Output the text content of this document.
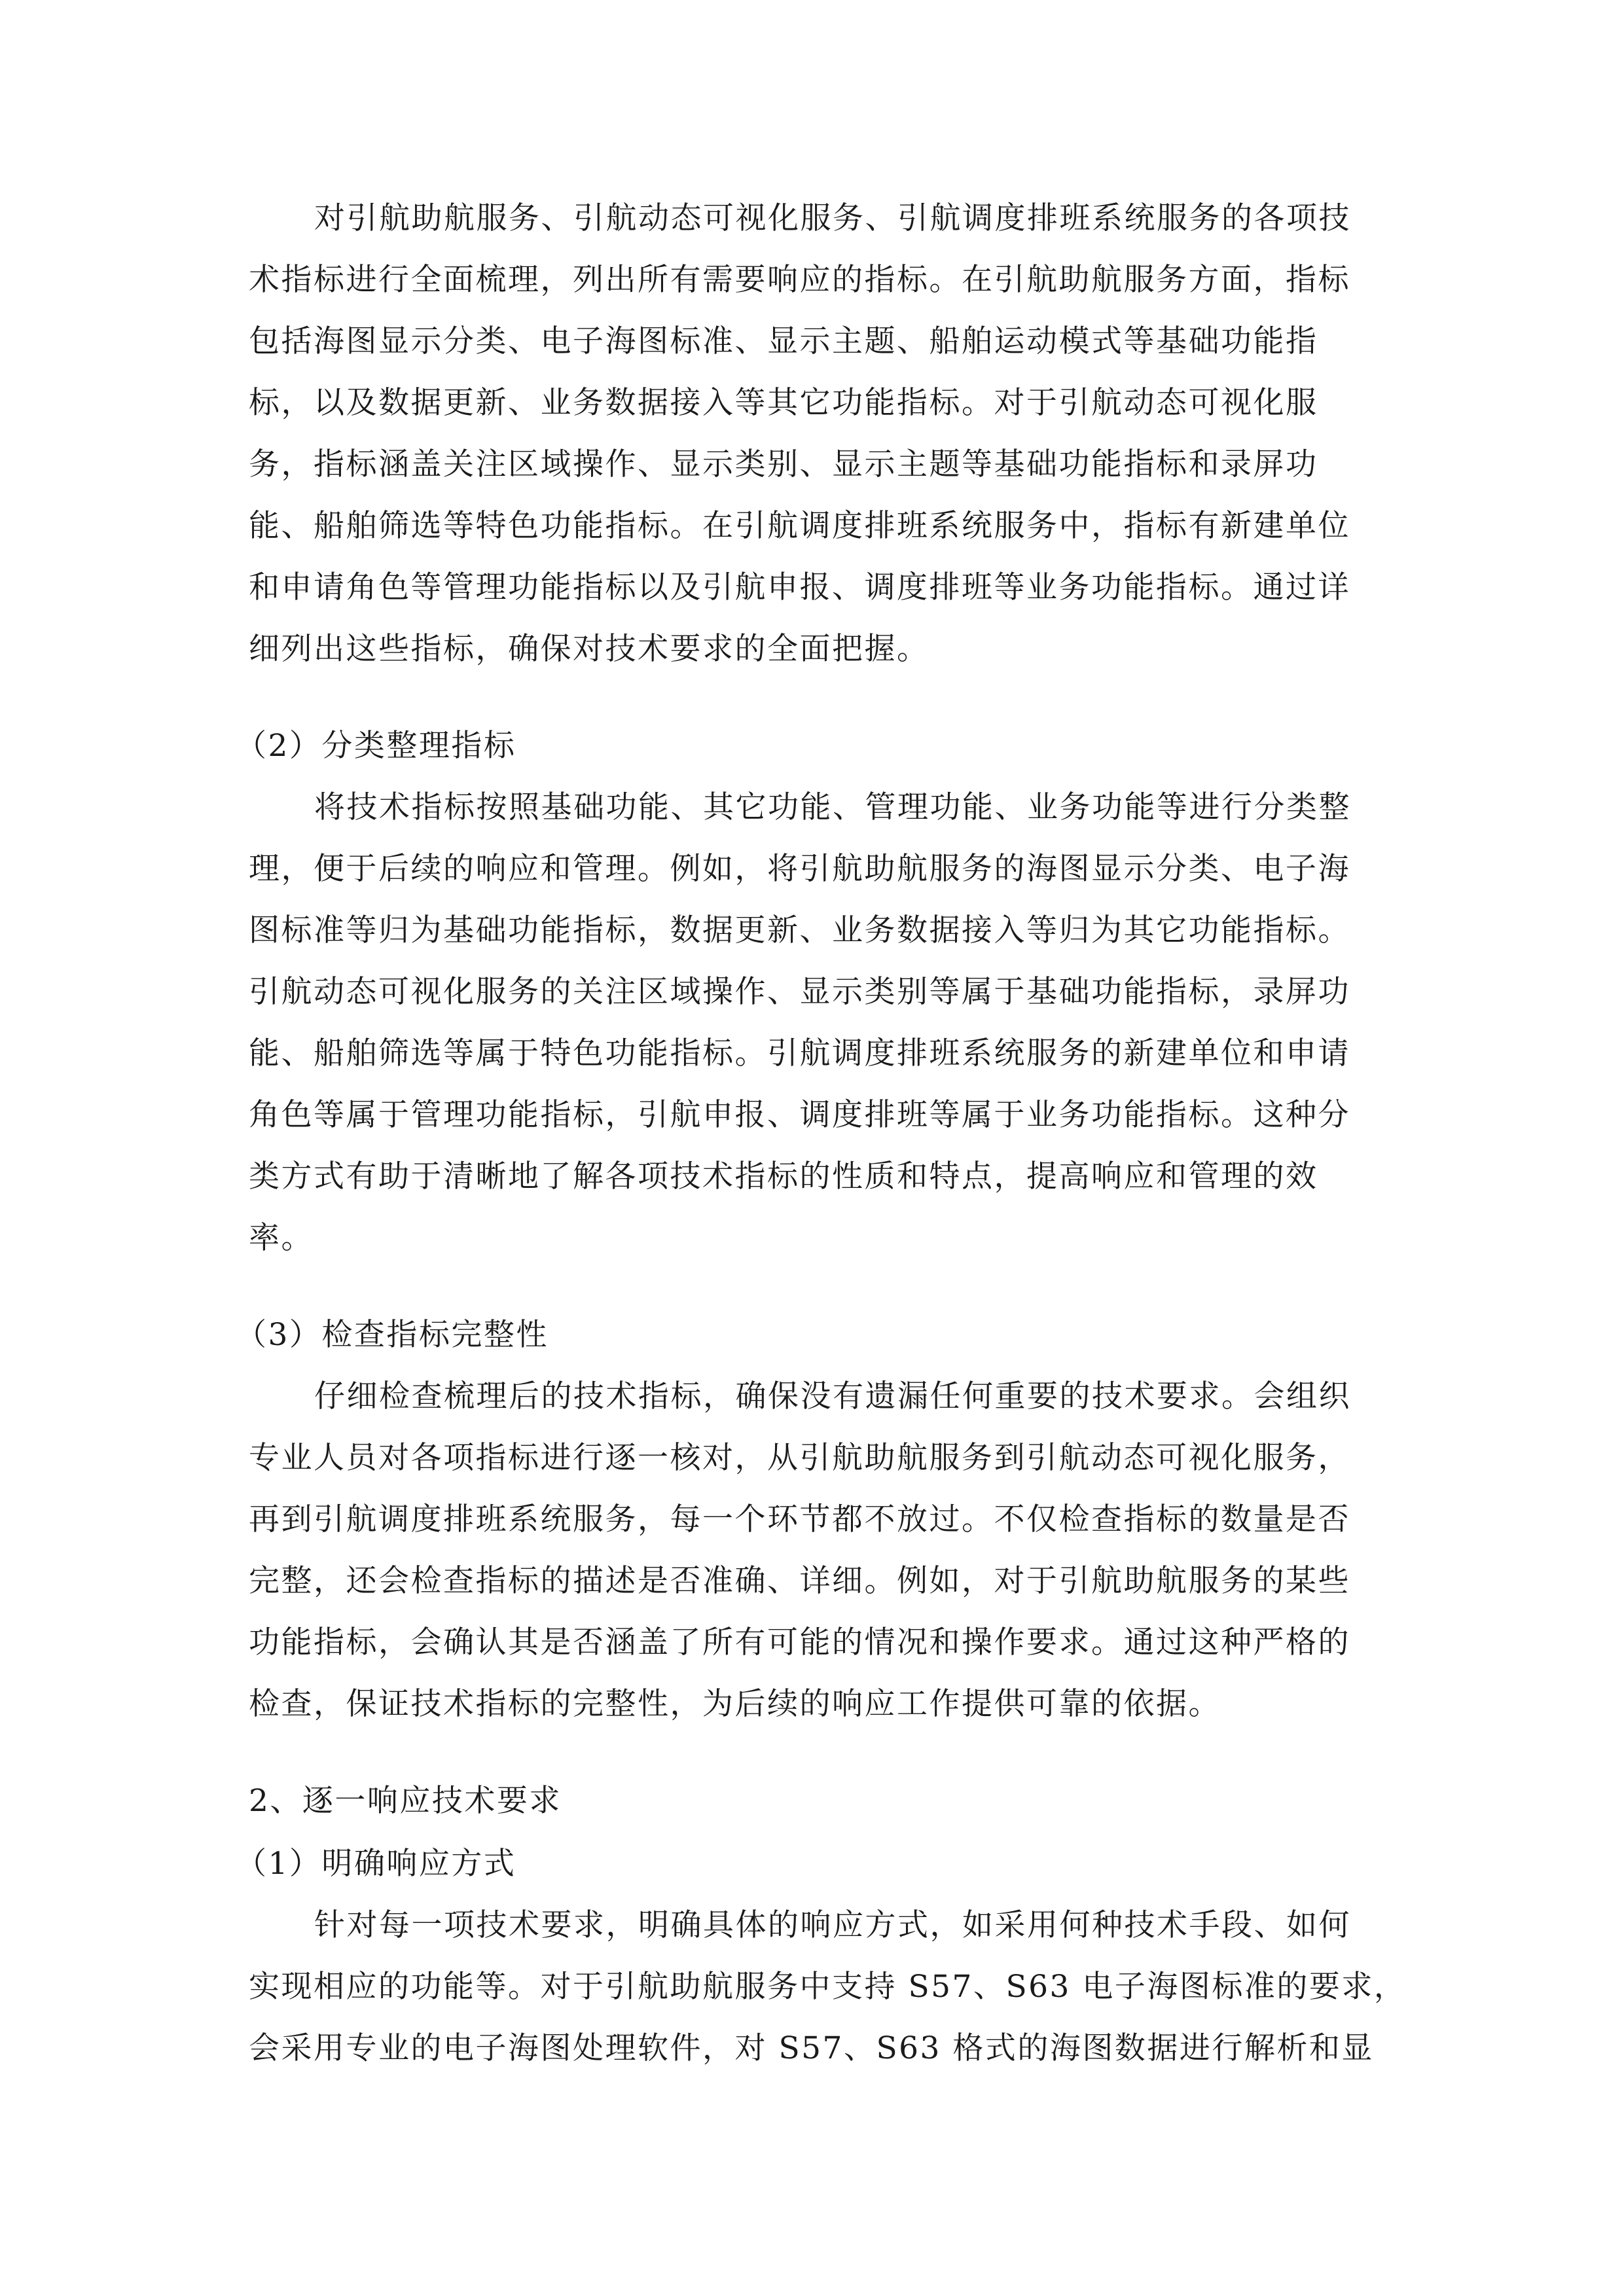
对引航助航服务、引航动态可视化服务、引航调度排班系统服务的各项技
术指标进行全面梳理，列出所有需要响应的指标。在引航助航服务方面，指标
包括海图显示分类、电子海图标准、显示主题、船舶运动模式等基础功能指
标，以及数据更新、业务数据接入等其它功能指标。对于引航动态可视化服
务，指标涵盖关注区域操作、显示类别、显示主题等基础功能指标和录屏功
能、船舶筛选等特色功能指标。在引航调度排班系统服务中，指标有新建单位
和申请角色等管理功能指标以及引航申报、调度排班等业务功能指标。通过详
细列出这些指标，确保对技术要求的全面把握。
（2）分类整理指标
将技术指标按照基础功能、其它功能、管理功能、业务功能等进行分类整
理，便于后续的响应和管理。例如，将引航助航服务的海图显示分类、电子海
图标准等归为基础功能指标，数据更新、业务数据接入等归为其它功能指标。
引航动态可视化服务的关注区域操作、显示类别等属于基础功能指标，录屏功
能、船舶筛选等属于特色功能指标。引航调度排班系统服务的新建单位和申请
角色等属于管理功能指标，引航申报、调度排班等属于业务功能指标。这种分
类方式有助于清晰地了解各项技术指标的性质和特点，提高响应和管理的效
率。
（3）检查指标完整性
仔细检查梳理后的技术指标，确保没有遗漏任何重要的技术要求。会组织
专业人员对各项指标进行逐一核对，从引航助航服务到引航动态可视化服务，
再到引航调度排班系统服务，每一个环节都不放过。不仅检查指标的数量是否
完整，还会检查指标的描述是否准确、详细。例如，对于引航助航服务的某些
功能指标，会确认其是否涵盖了所有可能的情况和操作要求。通过这种严格的
检查，保证技术指标的完整性，为后续的响应工作提供可靠的依据。
2、逐一响应技术要求
（1）明确响应方式
针对每一项技术要求，明确具体的响应方式，如采用何种技术手段、如何
实现相应的功能等。对于引航助航服务中支持 S57、S63 电子海图标准的要求，
会采用专业的电子海图处理软件，对 S57、S63 格式的海图数据进行解析和显
